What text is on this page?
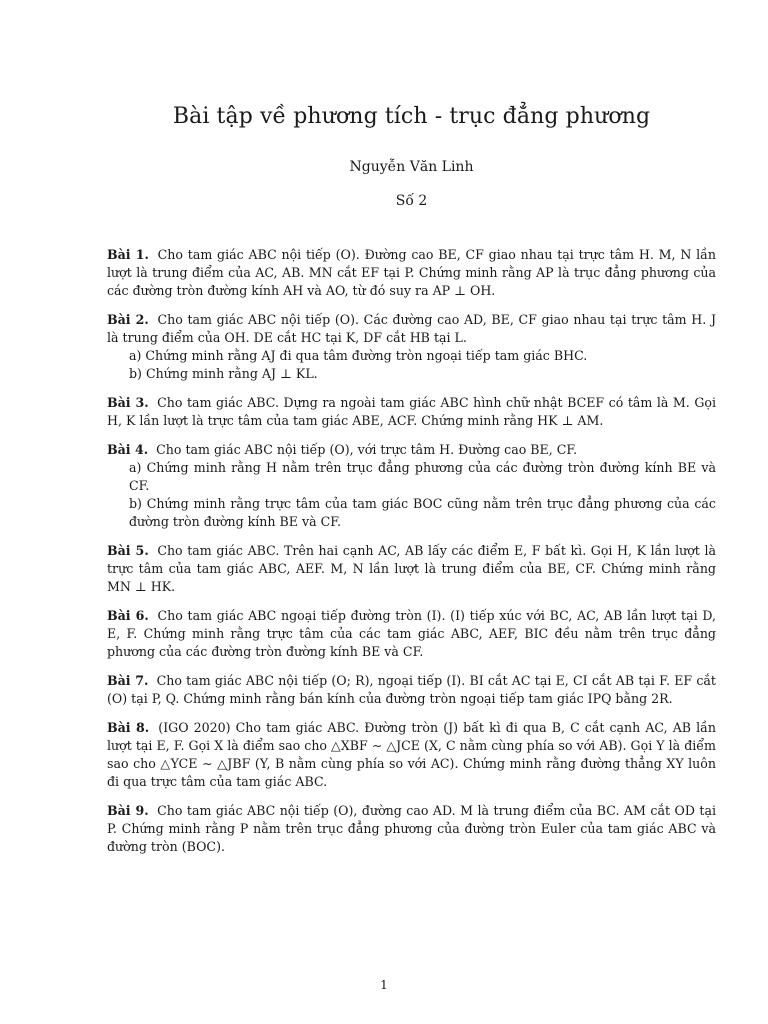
Bài tập về phương tích - trục đẳng phương
Nguyễn Văn Linh
Số 2
Bài 1. Cho tam giác ABC nội tiếp (O). Đường cao BE, CF giao nhau tại trực tâm H. M, N lần lượt là trung điểm của AC, AB. MN cắt EF tại P. Chứng minh rằng AP là trục đẳng phương của các đường tròn đường kính AH và AO, từ đó suy ra AP ⊥ OH.
Bài 2. Cho tam giác ABC nội tiếp (O). Các đường cao AD, BE, CF giao nhau tại trực tâm H. J là trung điểm của OH. DE cắt HC tại K, DF cắt HB tại L.
a) Chứng minh rằng AJ đi qua tâm đường tròn ngoại tiếp tam giác BHC.
b) Chứng minh rằng AJ ⊥ KL.
Bài 3. Cho tam giác ABC. Dựng ra ngoài tam giác ABC hình chữ nhật BCEF có tâm là M. Gọi H, K lần lượt là trực tâm của tam giác ABE, ACF. Chứng minh rằng HK ⊥ AM.
Bài 4. Cho tam giác ABC nội tiếp (O), với trực tâm H. Đường cao BE, CF.
a) Chứng minh rằng H nằm trên trục đẳng phương của các đường tròn đường kính BE và CF.
b) Chứng minh rằng trực tâm của tam giác BOC cũng nằm trên trục đẳng phương của các đường tròn đường kính BE và CF.
Bài 5. Cho tam giác ABC. Trên hai cạnh AC, AB lấy các điểm E, F bất kì. Gọi H, K lần lượt là trực tâm của tam giác ABC, AEF. M, N lần lượt là trung điểm của BE, CF. Chứng minh rằng MN ⊥ HK.
Bài 6. Cho tam giác ABC ngoại tiếp đường tròn (I). (I) tiếp xúc với BC, AC, AB lần lượt tại D, E, F. Chứng minh rằng trực tâm của các tam giác ABC, AEF, BIC đều nằm trên trục đẳng phương của các đường tròn đường kính BE và CF.
Bài 7. Cho tam giác ABC nội tiếp (O; R), ngoại tiếp (I). BI cắt AC tại E, CI cắt AB tại F. EF cắt (O) tại P, Q. Chứng minh rằng bán kính của đường tròn ngoại tiếp tam giác IPQ bằng 2R.
Bài 8. (IGO 2020) Cho tam giác ABC. Đường tròn (J) bất kì đi qua B, C cắt cạnh AC, AB lần lượt tại E, F. Gọi X là điểm sao cho △XBF ∼ △JCE (X, C nằm cùng phía so với AB). Gọi Y là điểm sao cho △YCE ∼ △JBF (Y, B nằm cùng phía so với AC). Chứng minh rằng đường thẳng XY luôn đi qua trực tâm của tam giác ABC.
Bài 9. Cho tam giác ABC nội tiếp (O), đường cao AD. M là trung điểm của BC. AM cắt OD tại P. Chứng minh rằng P nằm trên trục đẳng phương của đường tròn Euler của tam giác ABC và đường tròn (BOC).
1
